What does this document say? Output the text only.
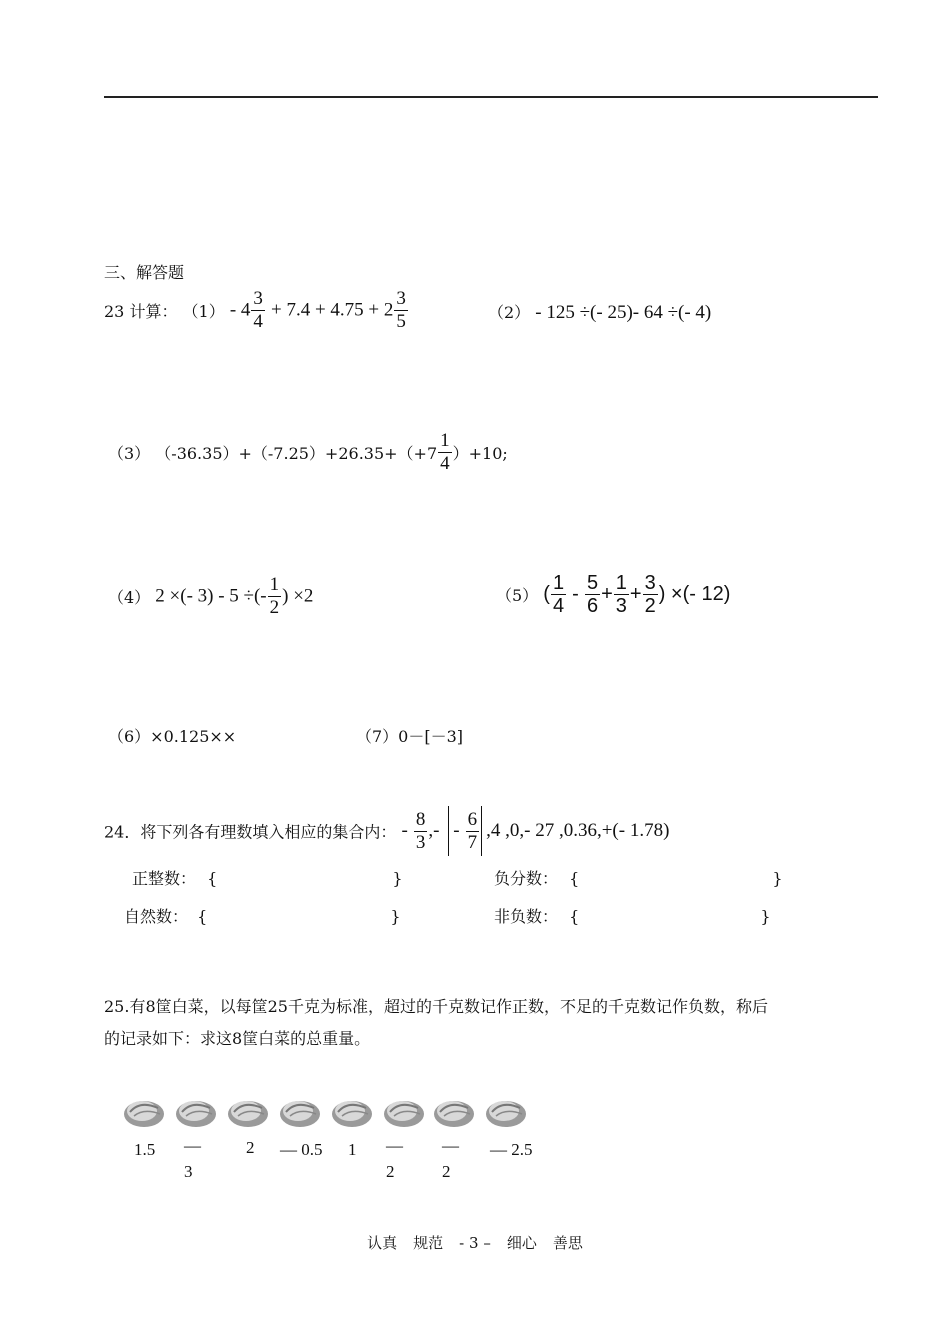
三、解答题
23 计算： $(1) - 4 \frac{3}{4} + 7.4 + 4.75 + 2 \frac{3}{5}$	（2） - 125 ÷(- 25)- 64 ÷(- 4)
（3） $(-36.35)+(-7.25)+26.35+(+7 \frac{1}{4} )+10$;
（4） 2 ×(- 3) - 5 ÷(- $\frac{1}{2}$ ) ×2	（5） ( $\frac{1}{4} - \frac{5}{6} + \frac{1}{3} + \frac{3}{2}$ ) ×(- 12)
（6）×0.125××	（7）0－[－3]
24．将下列各有理数填入相应的集合内： - $\frac{8}{3}$ ,- - $\frac{6}{7} ,4$ ,0,- 27 ,0.36,+(- 1.78)
正整数： {	}	负分数： {	}
自然数： {	}	非负数： {	}
25.有8筐白菜，以每筐25千克为标准，超过的千克数记作正数，不足的千克数记作负数，称后
的记录如下：求这8筐白菜的总重量。
1.5 —
3
2 — 0.5 1 —
2
—
2
— 2.5
认真 规范 - 3 – 细心 善思
